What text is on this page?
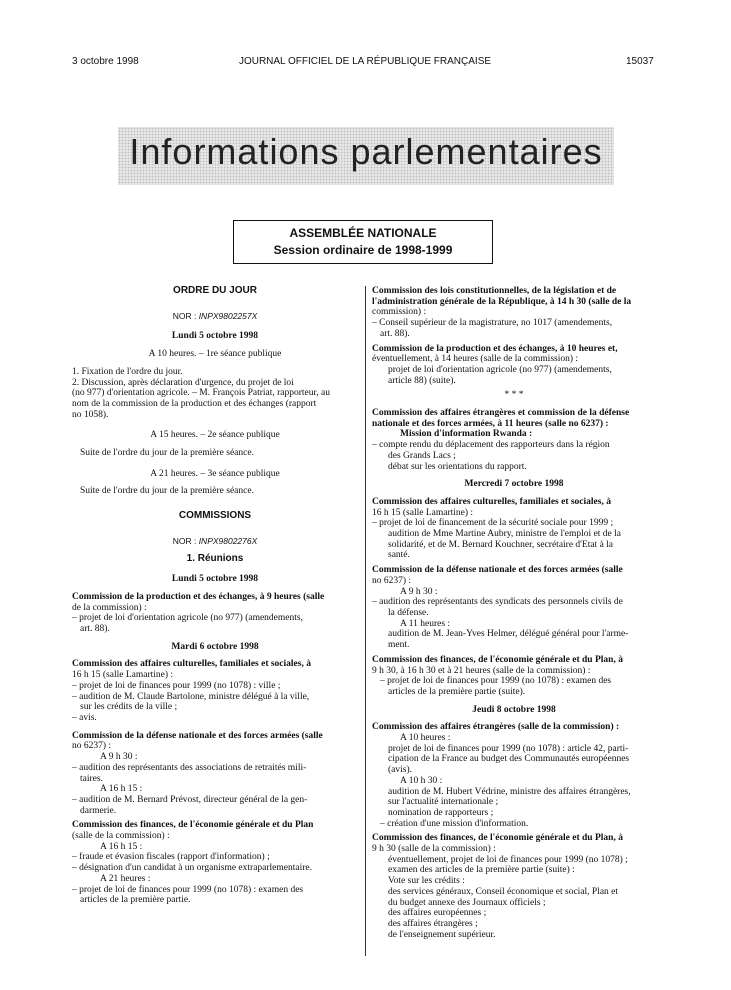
3 octobre 1998	JOURNAL OFFICIEL DE LA RÉPUBLIQUE FRANÇAISE	15037
Informations parlementaires
ASSEMBLÉE NATIONALE
Session ordinaire de 1998-1999

ORDRE DU JOUR

NOR : INPX9802257X

Lundi 5 octobre 1998

A 10 heures. – 1re séance publique

1. Fixation de l'ordre du jour.

2. Discussion, après déclaration d'urgence, du projet de loi

(no 977) d'orientation agricole. – M. François Patriat, rapporteur, au

nom de la commission de la production et des échanges (rapport

no 1058).

A 15 heures. – 2e séance publique

Suite de l'ordre du jour de la première séance.

A 21 heures. – 3e séance publique

Suite de l'ordre du jour de la première séance.

COMMISSIONS

NOR : INPX9802276X

1. Réunions

Lundi 5 octobre 1998

Commission de la production et des échanges, à 9 heures (salle

de la commission) :

– projet de loi d'orientation agricole (no 977) (amendements,

art. 88).

Mardi 6 octobre 1998

Commission des affaires culturelles, familiales et sociales, à

16 h 15 (salle Lamartine) :

– projet de loi de finances pour 1999 (no 1078) : ville ;

– audition de M. Claude Bartolone, ministre délégué à la ville,

sur les crédits de la ville ;

– avis.

Commission de la défense nationale et des forces armées (salle

no 6237) :

A 9 h 30 :

– audition des représentants des associations de retraités mili-

taires.

A 16 h 15 :

– audition de M. Bernard Prévost, directeur général de la gen-

darmerie.

Commission des finances, de l'économie générale et du Plan

(salle de la commission) :

A 16 h 15 :

– fraude et évasion fiscales (rapport d'information) ;

– désignation d'un candidat à un organisme extraparlementaire.

A 21 heures :

– projet de loi de finances pour 1999 (no 1078) : examen des

articles de la première partie.

Commission des lois constitutionnelles, de la législation et de

l'administration générale de la République, à 14 h 30 (salle de la

commission) :

– Conseil supérieur de la magistrature, no 1017 (amendements,

art. 88).

Commission de la production et des échanges, à 10 heures et,

éventuellement, à 14 heures (salle de la commission) :

projet de loi d'orientation agricole (no 977) (amendements,

article 88) (suite).

* * *

Commission des affaires étrangères et commission de la défense

nationale et des forces armées, à 11 heures (salle no 6237) :

Mission d'information Rwanda :

– compte rendu du déplacement des rapporteurs dans la région

des Grands Lacs ;

débat sur les orientations du rapport.

Mercredi 7 octobre 1998

Commission des affaires culturelles, familiales et sociales, à

16 h 15 (salle Lamartine) :

– projet de loi de financement de la sécurité sociale pour 1999 ;

audition de Mme Martine Aubry, ministre de l'emploi et de la

solidarité, et de M. Bernard Kouchner, secrétaire d'Etat à la

santé.

Commission de la défense nationale et des forces armées (salle

no 6237) :

A 9 h 30 :

– audition des représentants des syndicats des personnels civils de

la défense.

A 11 heures :

audition de M. Jean-Yves Helmer, délégué général pour l'arme-

ment.

Commission des finances, de l'économie générale et du Plan, à

9 h 30, à 16 h 30 et à 21 heures (salle de la commission) :

– projet de loi de finances pour 1999 (no 1078) : examen des

articles de la première partie (suite).

Jeudi 8 octobre 1998

Commission des affaires étrangères (salle de la commission) :

A 10 heures :

projet de loi de finances pour 1999 (no 1078) : article 42, parti-

cipation de la France au budget des Communautés européennes

(avis).

A 10 h 30 :

audition de M. Hubert Védrine, ministre des affaires étrangères,

sur l'actualité internationale ;

nomination de rapporteurs ;

– création d'une mission d'information.

Commission des finances, de l'économie générale et du Plan, à

9 h 30 (salle de la commission) :

éventuellement, projet de loi de finances pour 1999 (no 1078) ;

examen des articles de la première partie (suite) :

Vote sur les crédits :

des services généraux, Conseil économique et social, Plan et

du budget annexe des Journaux officiels ;

des affaires européennes ;

des affaires étrangères ;

de l'enseignement supérieur.
